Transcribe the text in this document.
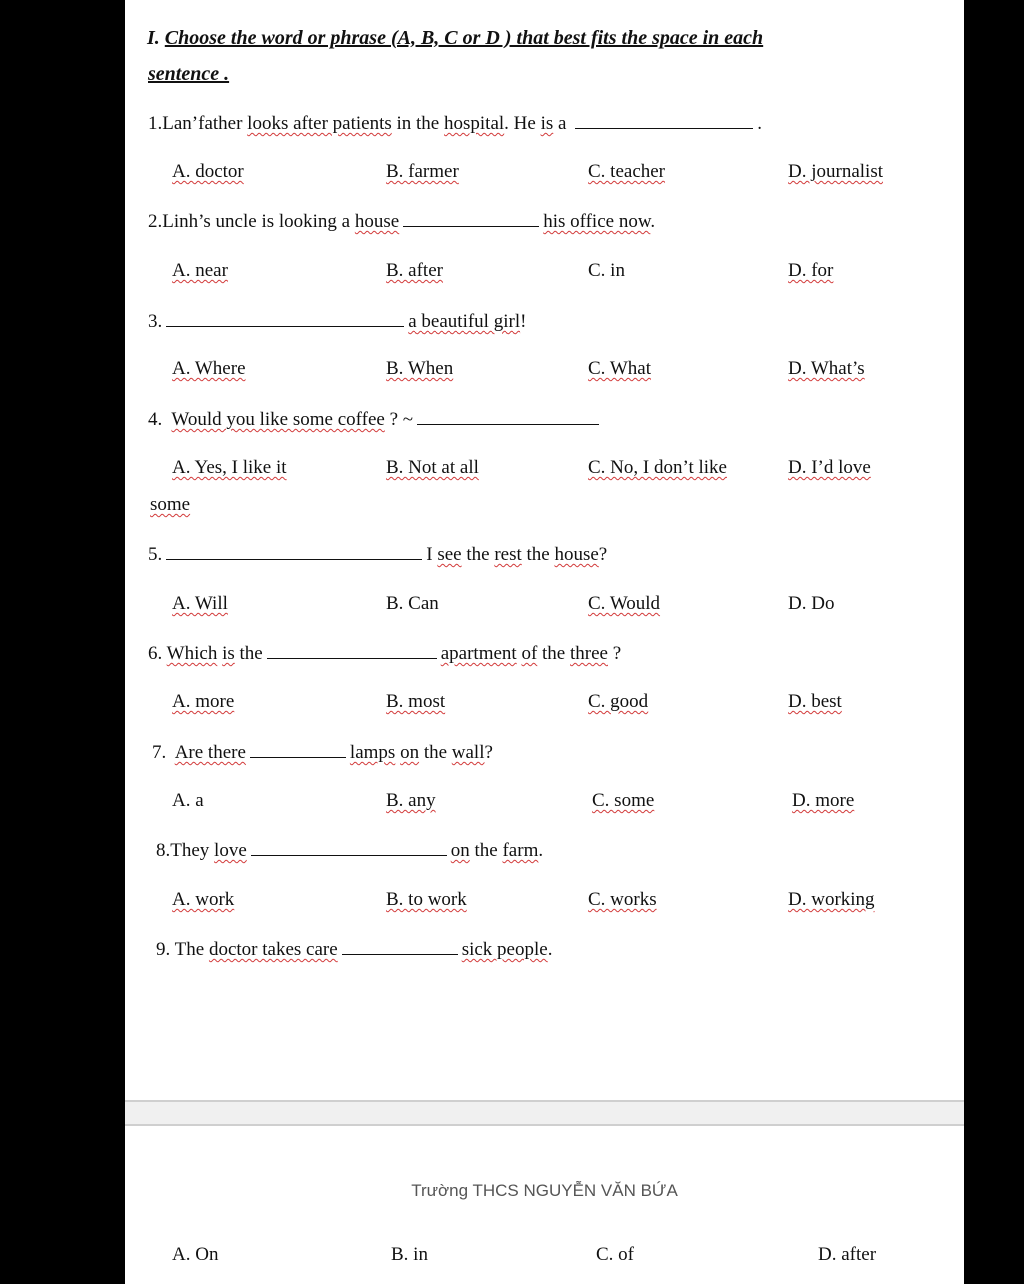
I. Choose the word or phrase (A, B, C or D ) that best fits the space in each
sentence .
1.Lan’father looks after patients in the hospital. He is a	.
A. doctor	B. farmer	C. teacher	D. journalist
2.Linh’s uncle is looking a house	his office now.
A. near	B. after	C. in	D. for
3.	a beautiful girl!
A. Where	B. When	C. What	D. What’s
4. Would you like some coffee ? ~
A. Yes, I like it	B. Not at all	C. No, I don’t like	D. I’d love
some
5.	I see the rest the house?
A. Will	B. Can	C. Would	D. Do
6. Which is the	apartment of the three ?
A. more	B. most	C. good	D. best
7. Are there	lamps on the wall?
A. a	B. any	C. some	D. more
8.They love	on the farm.
A. work	B. to work	C. works	D. working
9. The doctor takes care	sick people.
Trường THCS NGUYỄN VĂN BỨA
A. On	B. in	C. of	D. after
